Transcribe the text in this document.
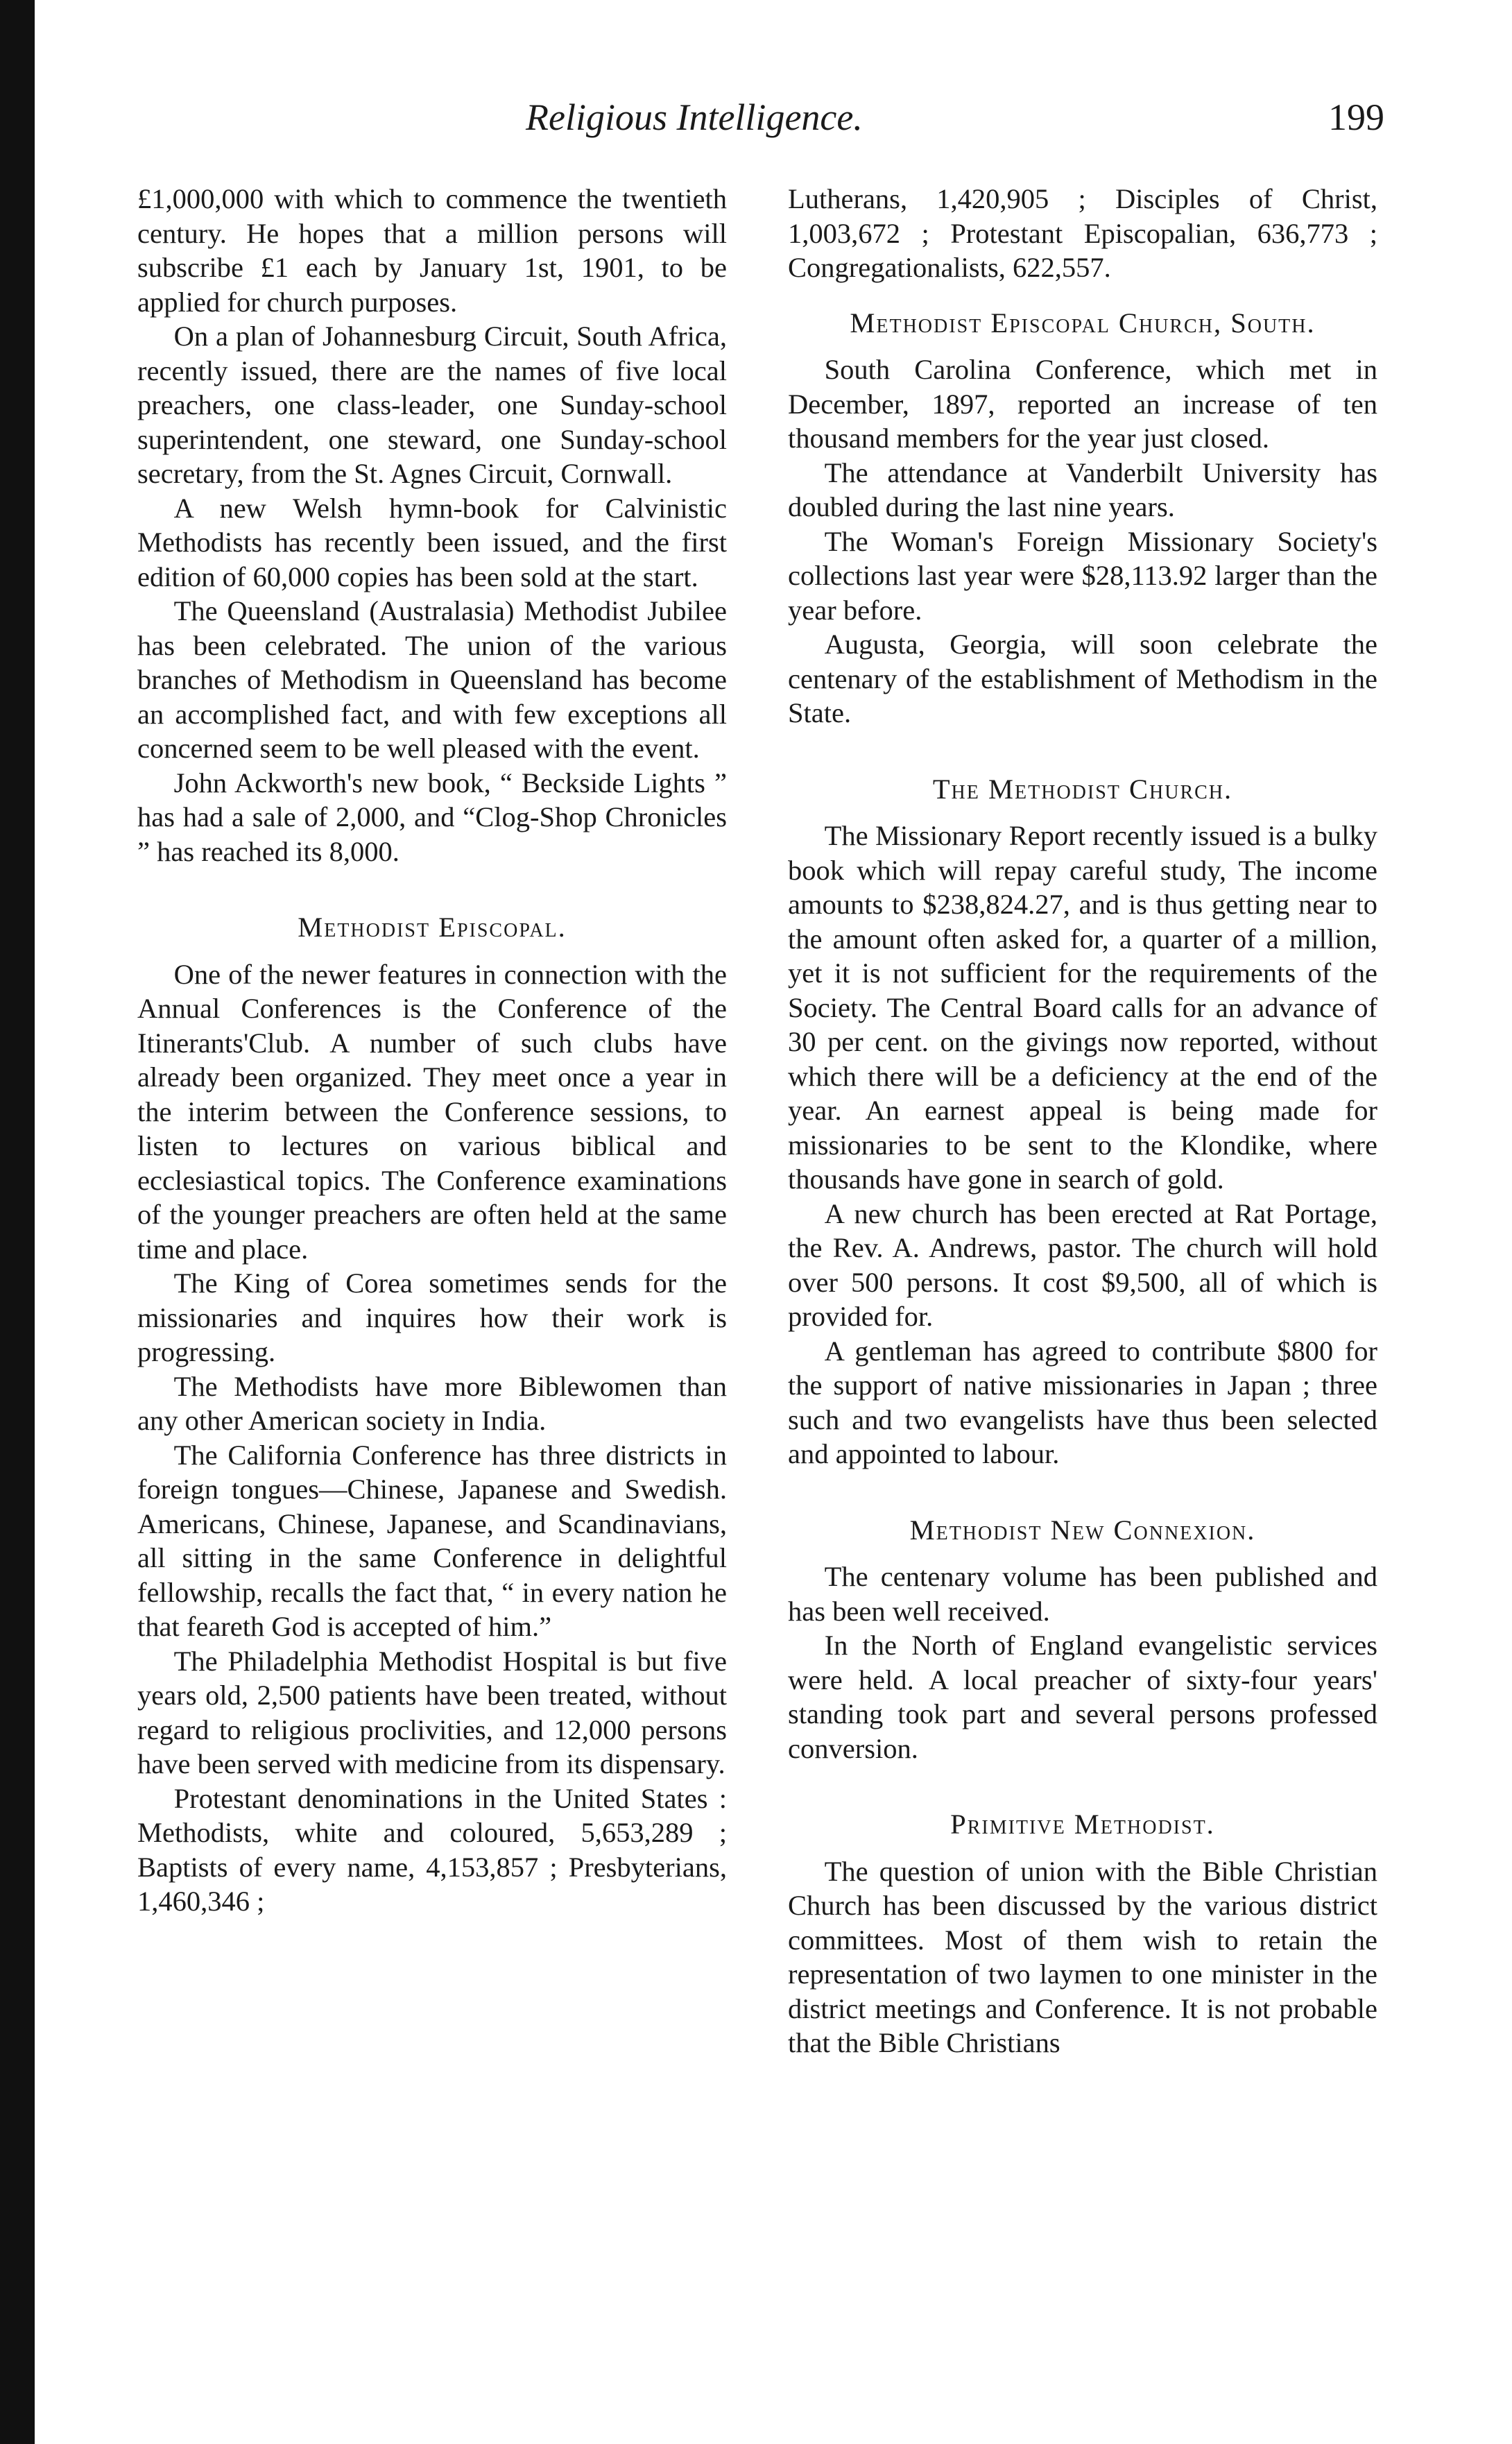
Religious Intelligence.	199

£1,000,000 with which to commence the twentieth century. He hopes that a million persons will subscribe £1 each by January 1st, 1901, to be applied for church purposes.

On a plan of Johannesburg Circuit, South Africa, recently issued, there are the names of five local preachers, one class-leader, one Sunday-school superintendent, one steward, one Sunday-school secretary, from the St. Agnes Circuit, Cornwall.

A new Welsh hymn-book for Calvinistic Methodists has recently been issued, and the first edition of 60,000 copies has been sold at the start.

The Queensland (Australasia) Methodist Jubilee has been celebrated. The union of the various branches of Methodism in Queensland has become an accomplished fact, and with few exceptions all concerned seem to be well pleased with the event.

John Ackworth's new book, “ Beckside Lights ” has had a sale of 2,000, and “Clog-Shop Chronicles ” has reached its 8,000.

Methodist Episcopal.

One of the newer features in connection with the Annual Conferences is the Conference of the Itinerants'Club. A number of such clubs have already been organized. They meet once a year in the interim between the Conference sessions, to listen to lectures on various biblical and ecclesiastical topics. The Conference examinations of the younger preachers are often held at the same time and place.

The King of Corea sometimes sends for the missionaries and inquires how their work is progressing.

The Methodists have more Biblewomen than any other American society in India.

The California Conference has three districts in foreign tongues—Chinese, Japanese and Swedish. Americans, Chinese, Japanese, and Scandinavians, all sitting in the same Conference in delightful fellowship, recalls the fact that, “ in every nation he that feareth God is accepted of him.”

The Philadelphia Methodist Hospital is but five years old, 2,500 patients have been treated, without regard to religious proclivities, and 12,000 persons have been served with medicine from its dispensary.

Protestant denominations in the United States : Methodists, white and coloured, 5,653,289 ; Baptists of every name, 4,153,857 ; Presbyterians, 1,460,346 ;

Lutherans, 1,420,905 ; Disciples of Christ, 1,003,672 ; Protestant Episcopalian, 636,773 ; Congregationalists, 622,557.

Methodist Episcopal Church, South.

South Carolina Conference, which met in December, 1897, reported an increase of ten thousand members for the year just closed.

The attendance at Vanderbilt University has doubled during the last nine years.

The Woman's Foreign Missionary Society's collections last year were $28,113.92 larger than the year before.

Augusta, Georgia, will soon celebrate the centenary of the establishment of Methodism in the State.

The Methodist Church.

The Missionary Report recently issued is a bulky book which will repay careful study, The income amounts to $238,824.27, and is thus getting near to the amount often asked for, a quarter of a million, yet it is not sufficient for the requirements of the Society. The Central Board calls for an advance of 30 per cent. on the givings now reported, without which there will be a deficiency at the end of the year. An earnest appeal is being made for missionaries to be sent to the Klondike, where thousands have gone in search of gold.

A new church has been erected at Rat Portage, the Rev. A. Andrews, pastor. The church will hold over 500 persons. It cost $9,500, all of which is provided for.

A gentleman has agreed to contribute $800 for the support of native missionaries in Japan ; three such and two evangelists have thus been selected and appointed to labour.

Methodist New Connexion.

The centenary volume has been published and has been well received.

In the North of England evangelistic services were held. A local preacher of sixty-four years' standing took part and several persons professed conversion.

Primitive Methodist.

The question of union with the Bible Christian Church has been discussed by the various district committees. Most of them wish to retain the representation of two laymen to one minister in the district meetings and Conference. It is not probable that the Bible Christians
